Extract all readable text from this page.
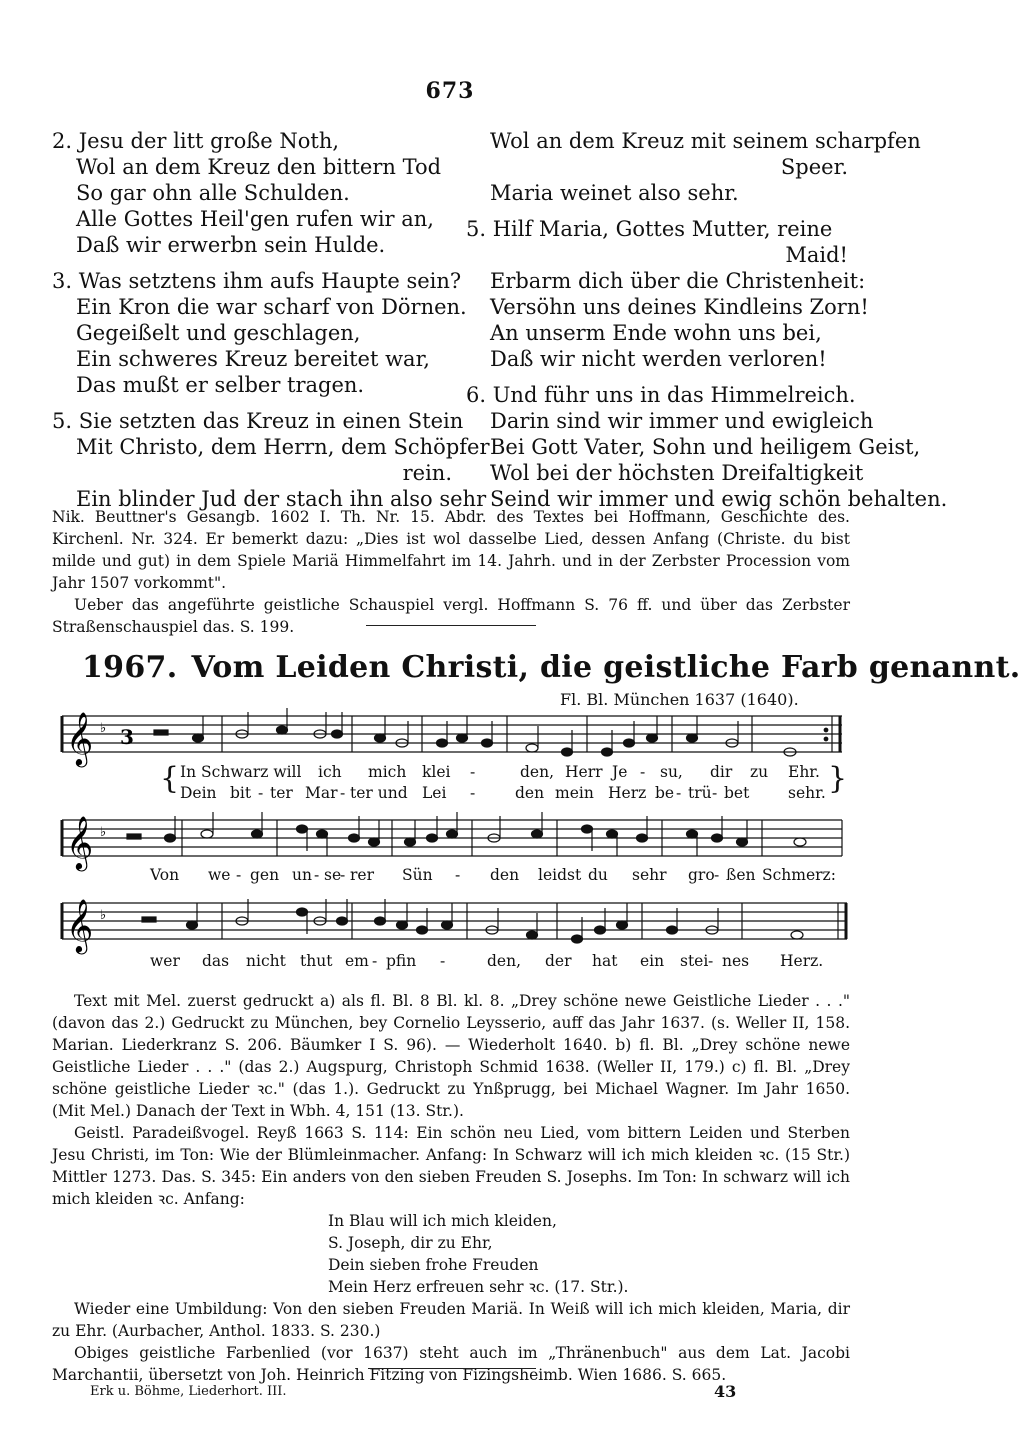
673
2. Jesu der litt große Noth,
Wol an dem Kreuz den bittern Tod
So gar ohn alle Schulden.
Alle Gottes Heil'gen rufen wir an,
Daß wir erwerbn sein Hulde.
3. Was setztens ihm aufs Haupte sein?
Ein Kron die war scharf von Dörnen.
Gegeißelt und geschlagen,
Ein schweres Kreuz bereitet war,
Das mußt er selber tragen.
5. Sie setzten das Kreuz in einen Stein
Mit Christo, dem Herrn, dem Schöpfer
rein.
Ein blinder Jud der stach ihn also sehr
Wol an dem Kreuz mit seinem scharpfen
Speer.
Maria weinet also sehr.
5. Hilf Maria, Gottes Mutter, reine
Maid!
Erbarm dich über die Christenheit:
Versöhn uns deines Kindleins Zorn!
An unserm Ende wohn uns bei,
Daß wir nicht werden verloren!
6. Und führ uns in das Himmelreich.
Darin sind wir immer und ewigleich
Bei Gott Vater, Sohn und heiligem Geist,
Wol bei der höchsten Dreifaltigkeit
Seind wir immer und ewig schön behalten.

Nik. Beuttner's Gesangb. 1602 I. Th. Nr. 15. Abdr. des Textes bei Hoffmann, Geschichte des. Kirchenl. Nr. 324. Er bemerkt dazu: „Dies ist wol dasselbe Lied, dessen Anfang (Christe. du bist milde und gut) in dem Spiele Mariä Himmelfahrt im 14. Jahrh. und in der Zerbster Procession vom Jahr 1507 vorkommt".

Ueber das angeführte geistliche Schauspiel vergl. Hoffmann S. 76 ff. und über das Zerbster Straßenschauspiel das. S. 199.

1967. Vom Leiden Christi, die geistliche Farb genannt.
Fl. Bl. München 1637 (1640).
𝄞 ♭ 3
{	}
In Schwarz will ich mich klei -	den, Herr Je - su, dir zu Ehr.
Dein bit - ter Mar - ter und Lei -	den mein Herz be - trü - bet sehr.
𝄞 ♭
Von we - gen un - se
- rer Sün - den leidst du sehr gro - ßen Schmerz:
𝄞 ♭
wer das nicht thut em - pfin -	den, der hat ein stei - nes Herz.

Text mit Mel. zuerst gedruckt a) als fl. Bl. 8 Bl. kl. 8. „Drey schöne newe Geistliche Lieder . . ." (davon das 2.) Gedruckt zu München, bey Cornelio Leysserio, auff das Jahr 1637. (s. Weller II, 158. Marian. Liederkranz S. 206. Bäumker I S. 96). — Wiederholt 1640. b) fl. Bl. „Drey schöne newe Geistliche Lieder . . ." (das 2.) Augspurg, Christoph Schmid 1638. (Weller II, 179.) c) fl. Bl. „Drey schöne geistliche Lieder ꝛc." (das 1.). Gedruckt zu Ynßprugg, bei Michael Wagner. Im Jahr 1650. (Mit Mel.) Danach der Text in Wbh. 4, 151 (13. Str.).

Geistl. Paradeißvogel. Reyß 1663 S. 114: Ein schön neu Lied, vom bittern Leiden und Sterben Jesu Christi, im Ton: Wie der Blümleinmacher. Anfang: In Schwarz will ich mich kleiden ꝛc. (15 Str.) Mittler 1273. Das. S. 345: Ein anders von den sieben Freuden S. Josephs. Im Ton: In schwarz will ich mich kleiden ꝛc. Anfang:

In Blau will ich mich kleiden,
S. Joseph, dir zu Ehr,
Dein sieben frohe Freuden
Mein Herz erfreuen sehr ꝛc. (17. Str.).

Wieder eine Umbildung: Von den sieben Freuden Mariä. In Weiß will ich mich kleiden, Maria, dir zu Ehr. (Aurbacher, Anthol. 1833. S. 230.)

Obiges geistliche Farbenlied (vor 1637) steht auch im „Thränenbuch" aus dem Lat. Jacobi Marchantii, übersetzt von Joh. Heinrich Fitzing von Fizingsheimb. Wien 1686. S. 665.

Erk u. Böhme, Liederhort. III.	43
